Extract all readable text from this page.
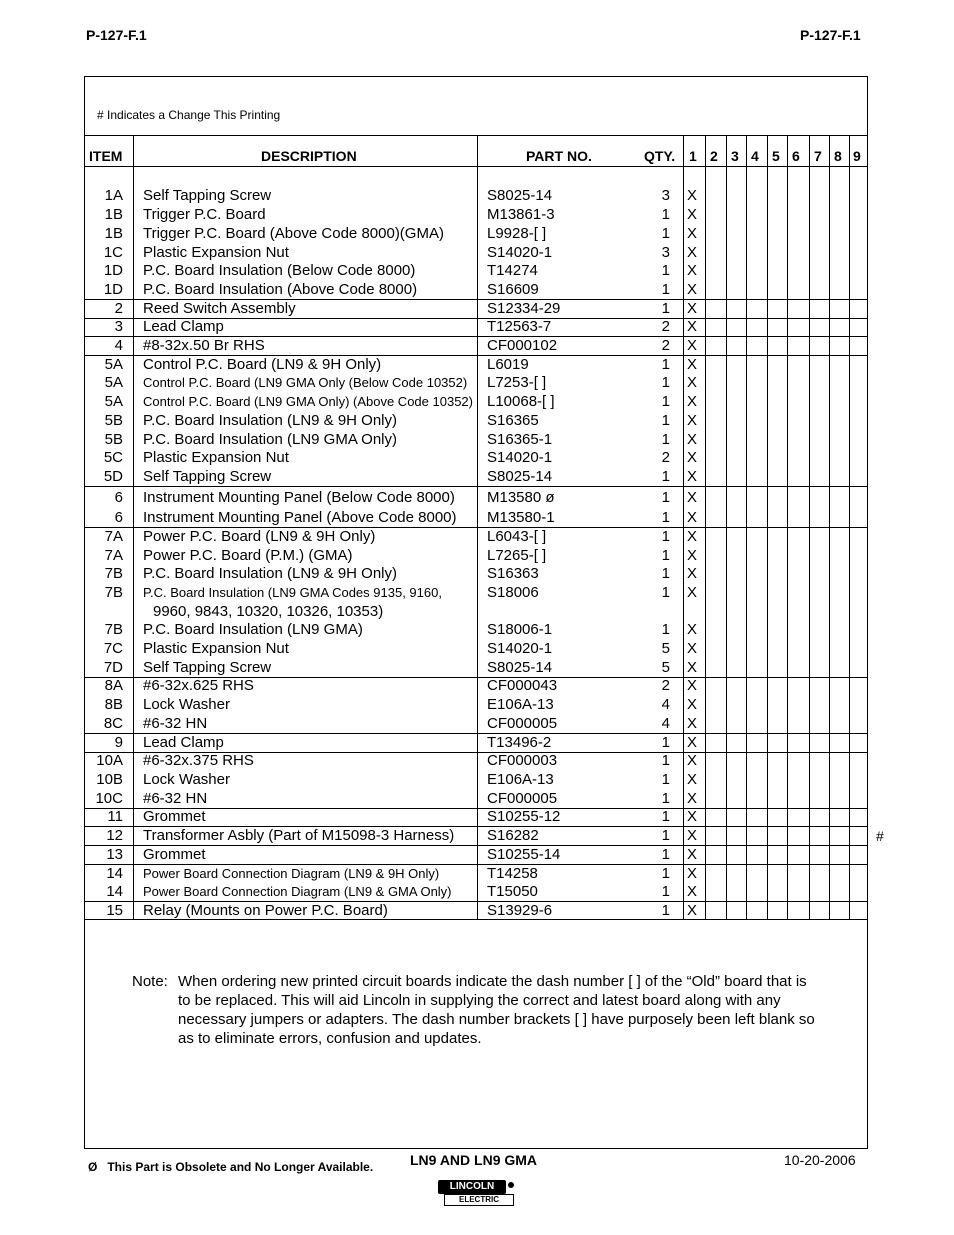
P-127-F.1	P-127-F.1
# Indicates a Change This Printing
ITEM	DESCRIPTION	PART NO.	QTY. 1 2 3 4 5 6 7 8 9
1A Self Tapping Screw	S8025-14	3 X
1B Trigger P.C. Board	M13861-3	1 X
1B Trigger P.C. Board (Above Code 8000)(GMA)	L9928-[ ]	1 X
1C Plastic Expansion Nut	S14020-1	3 X
1D P.C. Board Insulation (Below Code 8000)	T14274	1 X
1D P.C. Board Insulation (Above Code 8000)	S16609	1 X
2 Reed Switch Assembly	S12334-29	1 X
3 Lead Clamp	T12563-7	2 X
4 #8-32x.50 Br RHS	CF000102	2 X
5A Control P.C. Board (LN9 & 9H Only)	L6019	1 X
5A Control P.C. Board (LN9 GMA Only (Below Code 10352) L7253-[ ]	1 X
5A Control P.C. Board (LN9 GMA Only) (Above Code 10352) L10068-[ ]	1 X
5B P.C. Board Insulation (LN9 & 9H Only)	S16365	1 X
5B P.C. Board Insulation (LN9 GMA Only)	S16365-1	1 X
5C Plastic Expansion Nut	S14020-1	2 X
5D Self Tapping Screw	S8025-14	1 X
6 Instrument Mounting Panel (Below Code 8000) M13580 ø	1 X
6 Instrument Mounting Panel (Above Code 8000) M13580-1	1 X
7A Power P.C. Board (LN9 & 9H Only)	L6043-[ ]	1 X
7A Power P.C. Board (P.M.) (GMA)	L7265-[ ]	1 X
7B P.C. Board Insulation (LN9 & 9H Only)	S16363	1 X
7B P.C. Board Insulation (LN9 GMA Codes 9135, 9160,	S18006	1 X
9960, 9843, 10320, 10326, 10353)
7B P.C. Board Insulation (LN9 GMA)	S18006-1	1 X
7C Plastic Expansion Nut	S14020-1	5 X
7D Self Tapping Screw	S8025-14	5 X
8A #6-32x.625 RHS	CF000043	2 X
8B Lock Washer	E106A-13	4 X
8C #6-32 HN	CF000005	4 X
9 Lead Clamp	T13496-2	1 X
10A #6-32x.375 RHS	CF000003	1 X
10B Lock Washer	E106A-13	1 X
10C #6-32 HN	CF000005	1 X
11 Grommet	S10255-12	1 X
12 Transformer Asbly (Part of M15098-3 Harness) S16282	1 X
13 Grommet	S10255-14	1 X
14 Power Board Connection Diagram (LN9 & 9H Only)	T14258	1 X
14 Power Board Connection Diagram (LN9 & GMA Only) T15050	1 X
15 Relay (Mounts on Power P.C. Board)	S13929-6	1 X
#
Note: When ordering new printed circuit boards indicate the dash number [ ] of the “Old” board that is to be replaced. This will aid Lincoln in supplying the correct and latest board along with any necessary jumpers or adapters. The dash number brackets [ ] have purposely been left blank so as to eliminate errors, confusion and updates.
Ø This Part is Obsolete and No Longer Available.	LN9 AND LN9 GMA	10-20-2006
LINCOLN
ELECTRIC
